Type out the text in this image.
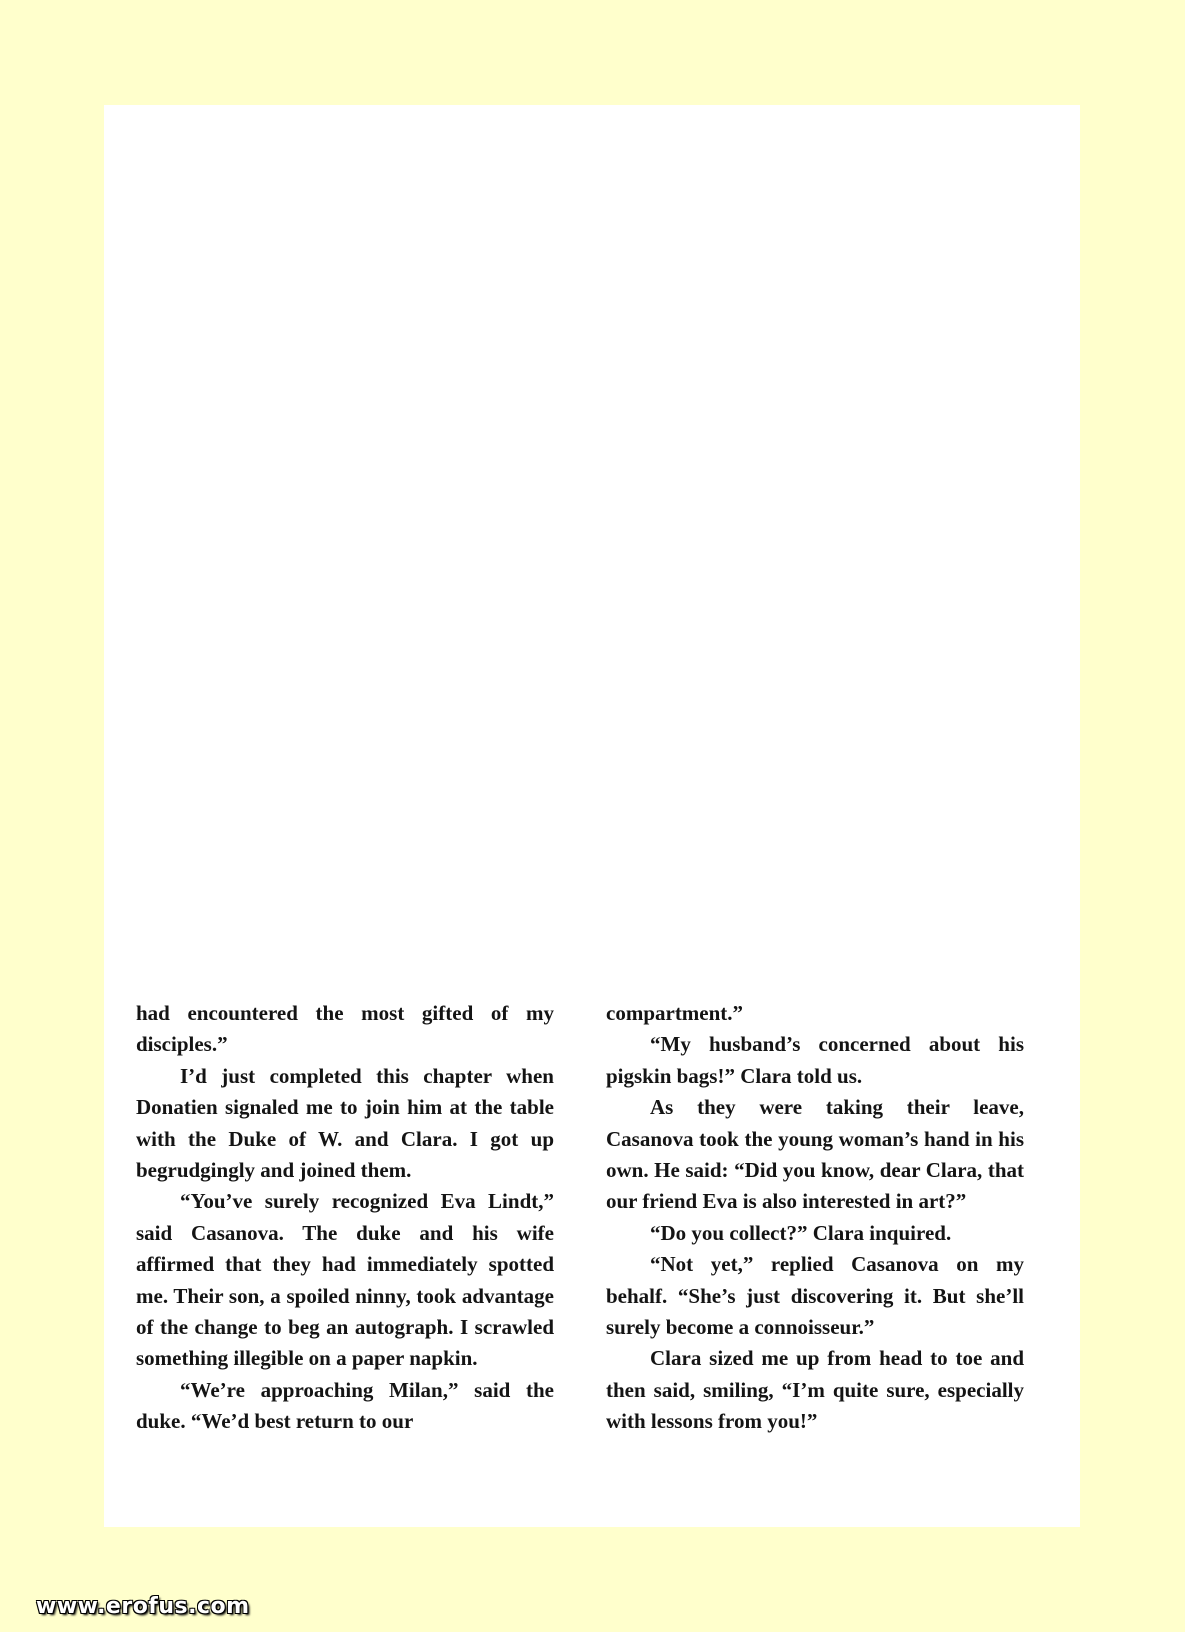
had encountered the most gifted of my disciples.”

I’d just completed this chapter when Donatien signaled me to join him at the table with the Duke of W. and Clara. I got up begrudgingly and joined them.

“You’ve surely recognized Eva Lindt,” said Casanova. The duke and his wife affirmed that they had immediately spotted me. Their son, a spoiled ninny, took advantage of the change to beg an autograph. I scrawled something illegible on a paper napkin.

“We’re approaching Milan,” said the duke. “We’d best return to our

compartment.”

“My husband’s concerned about his pigskin bags!” Clara told us.

As they were taking their leave, Casanova took the young woman’s hand in his own. He said: “Did you know, dear Clara, that our friend Eva is also interested in art?”

“Do you collect?” Clara inquired.

“Not yet,” replied Casanova on my behalf. “She’s just discovering it. But she’ll surely become a connoisseur.”

Clara sized me up from head to toe and then said, smiling, “I’m quite sure, especially with lessons from you!”

www.erofus.com
